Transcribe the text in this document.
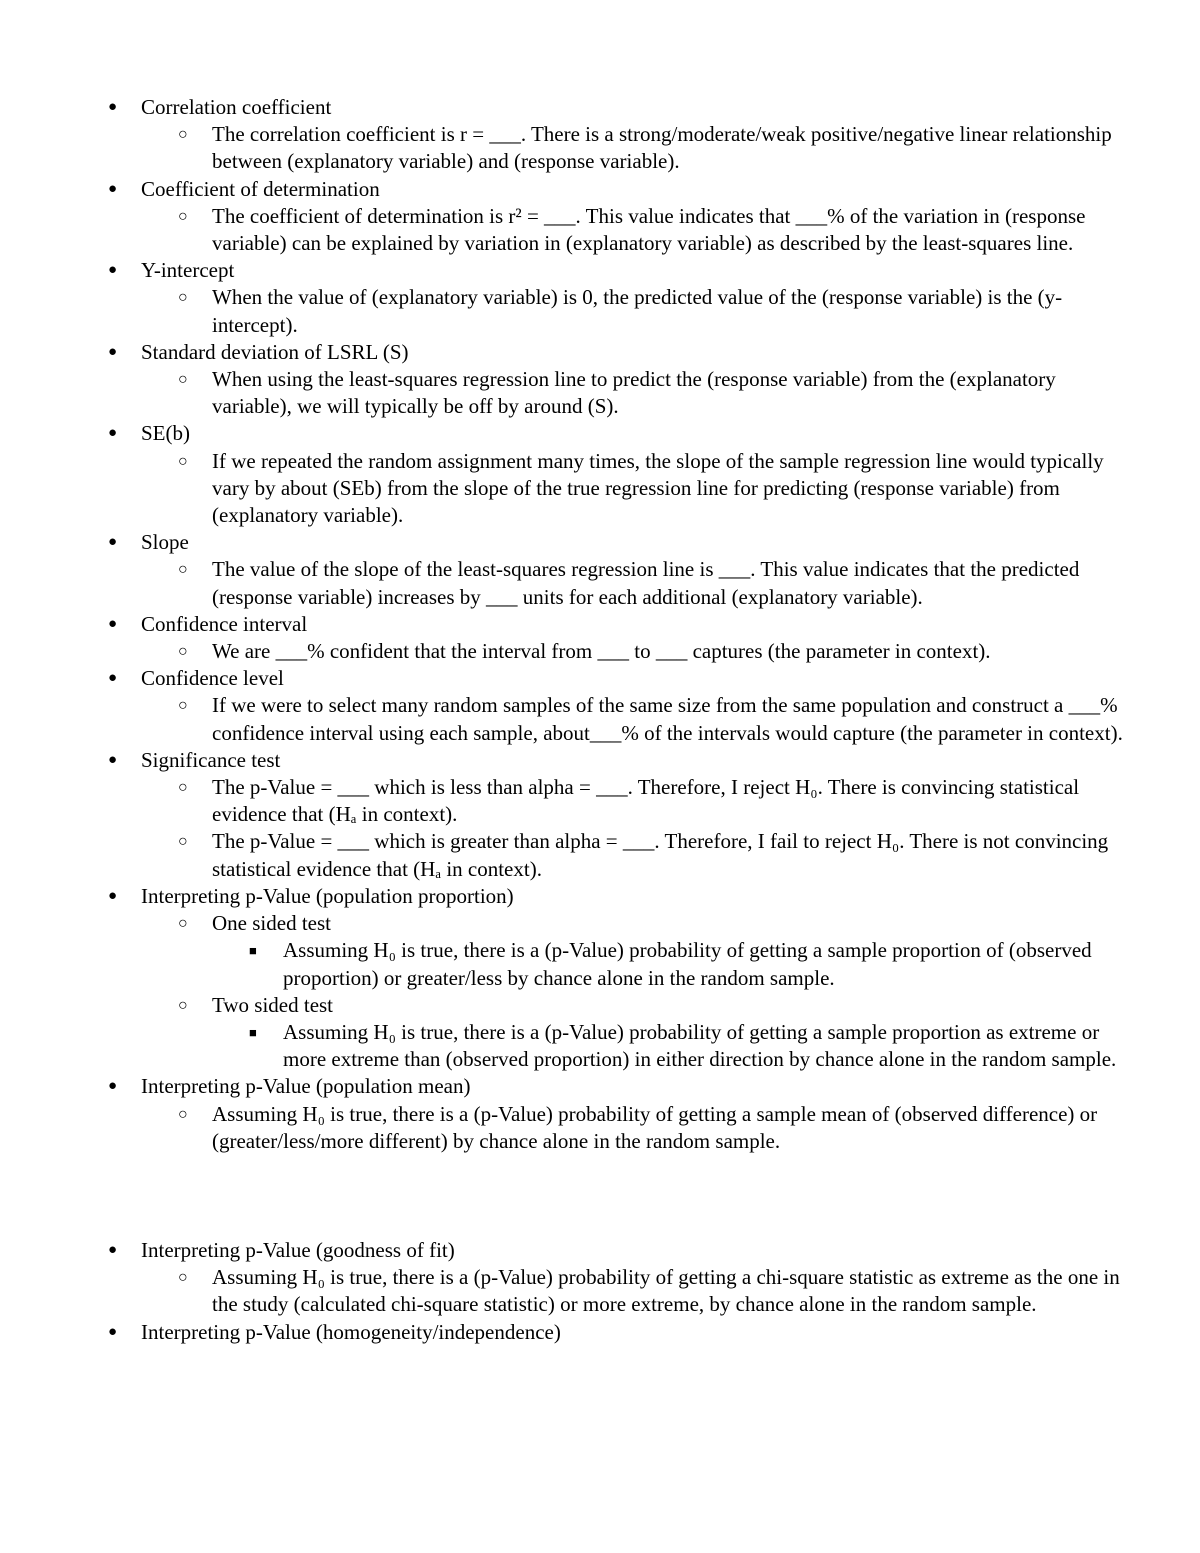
● Correlation coefficient
○ The correlation coefficient is r = ___. There is a strong/moderate/weak positive/negative linear relationship between (explanatory variable) and (response variable).
● Coefficient of determination
○ The coefficient of determination is r² = ___. This value indicates that ___% of the variation in (response variable) can be explained by variation in (explanatory variable) as described by the least-squares line.
● Y-intercept
○ When the value of (explanatory variable) is 0, the predicted value of the (response variable) is the (y-intercept).
● Standard deviation of LSRL (S)
○ When using the least-squares regression line to predict the (response variable) from the (explanatory variable), we will typically be off by around (S).
● SE(b)
○ If we repeated the random assignment many times, the slope of the sample regression line would typically vary by about (SEb) from the slope of the true regression line for predicting (response variable) from (explanatory variable).
● Slope
○ The value of the slope of the least-squares regression line is ___. This value indicates that the predicted (response variable) increases by ___ units for each additional (explanatory variable).
● Confidence interval
○ We are ___% confident that the interval from ___ to ___ captures (the parameter in context).
● Confidence level
○ If we were to select many random samples of the same size from the same population and construct a ___% confidence interval using each sample, about___% of the intervals would capture (the parameter in context).
● Significance test
○ The p-Value = ___ which is less than alpha = ___. Therefore, I reject H₀. There is convincing statistical evidence that (Hₐ in context).
○ The p-Value = ___ which is greater than alpha = ___. Therefore, I fail to reject H₀. There is not convincing statistical evidence that (Hₐ in context).
● Interpreting p-Value (population proportion)
○ One sided test
■ Assuming H₀ is true, there is a (p-Value) probability of getting a sample proportion of (observed proportion) or greater/less by chance alone in the random sample.
○ Two sided test
■ Assuming H₀ is true, there is a (p-Value) probability of getting a sample proportion as extreme or more extreme than (observed proportion) in either direction by chance alone in the random sample.
● Interpreting p-Value (population mean)
○ Assuming H₀ is true, there is a (p-Value) probability of getting a sample mean of (observed difference) or (greater/less/more different) by chance alone in the random sample.
● Interpreting p-Value (goodness of fit)
○ Assuming H₀ is true, there is a (p-Value) probability of getting a chi-square statistic as extreme as the one in the study (calculated chi-square statistic) or more extreme, by chance alone in the random sample.
● Interpreting p-Value (homogeneity/independence)
